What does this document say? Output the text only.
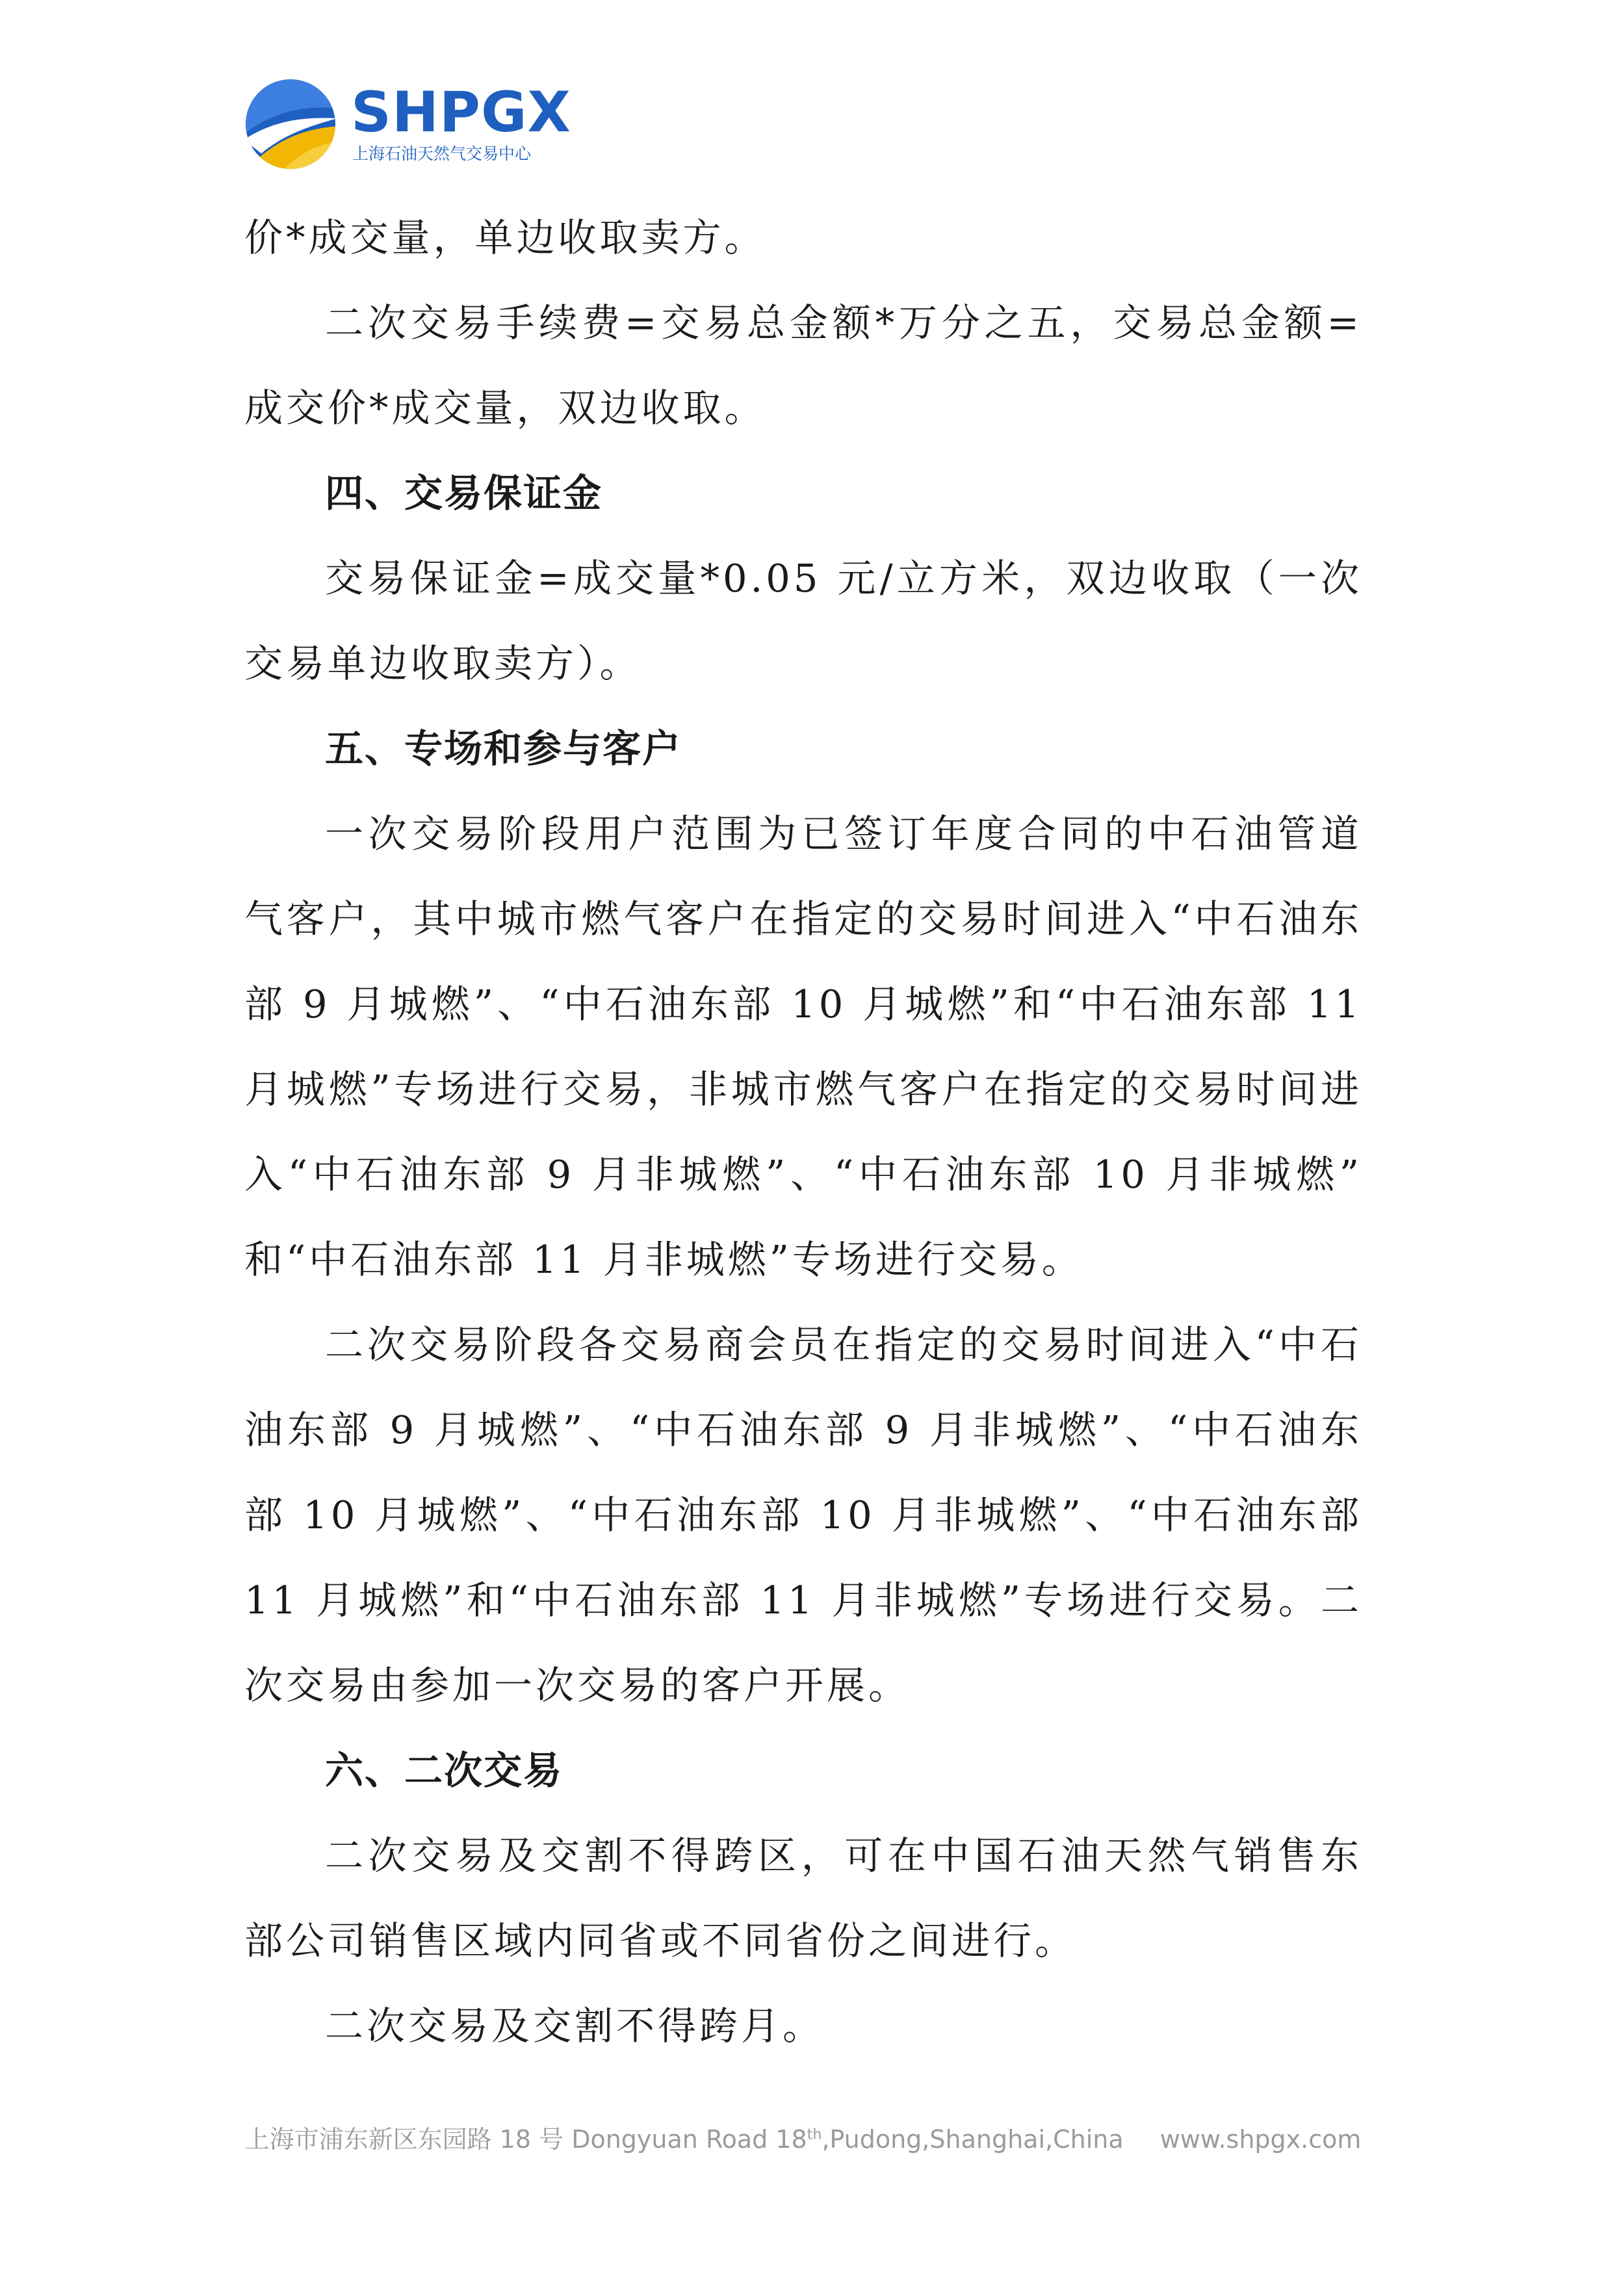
SHPGX
上海石油天然气交易中心

价*成交量，单边收取卖方。

二次交易手续费=交易总金额*万分之五，交易总金额=成交价*成交量，双边收取。

四、交易保证金

交易保证金=成交量*0.05 元/立方米，双边收取（一次交易单边收取卖方）。

五、专场和参与客户

一次交易阶段用户范围为已签订年度合同的中石油管道气客户，其中城市燃气客户在指定的交易时间进入“中石油东部 9 月城燃”、“中石油东部 10 月城燃”和“中石油东部 11 月城燃”专场进行交易，非城市燃气客户在指定的交易时间进入“中石油东部 9 月非城燃”、“中石油东部 10 月非城燃” 和“中石油东部 11 月非城燃”专场进行交易。

二次交易阶段各交易商会员在指定的交易时间进入“中石油东部 9 月城燃”、“中石油东部 9 月非城燃”、“中石油东部 10 月城燃”、“中石油东部 10 月非城燃”、“中石油东部 11 月城燃”和“中石油东部 11 月非城燃”专场进行交易。二次交易由参加一次交易的客户开展。

六、二次交易

二次交易及交割不得跨区，可在中国石油天然气销售东部公司销售区域内同省或不同省份之间进行。

二次交易及交割不得跨月。

上海市浦东新区东园路 18 号 Dongyuan Road 18th,Pudong,Shanghai,China www.shpgx.com
